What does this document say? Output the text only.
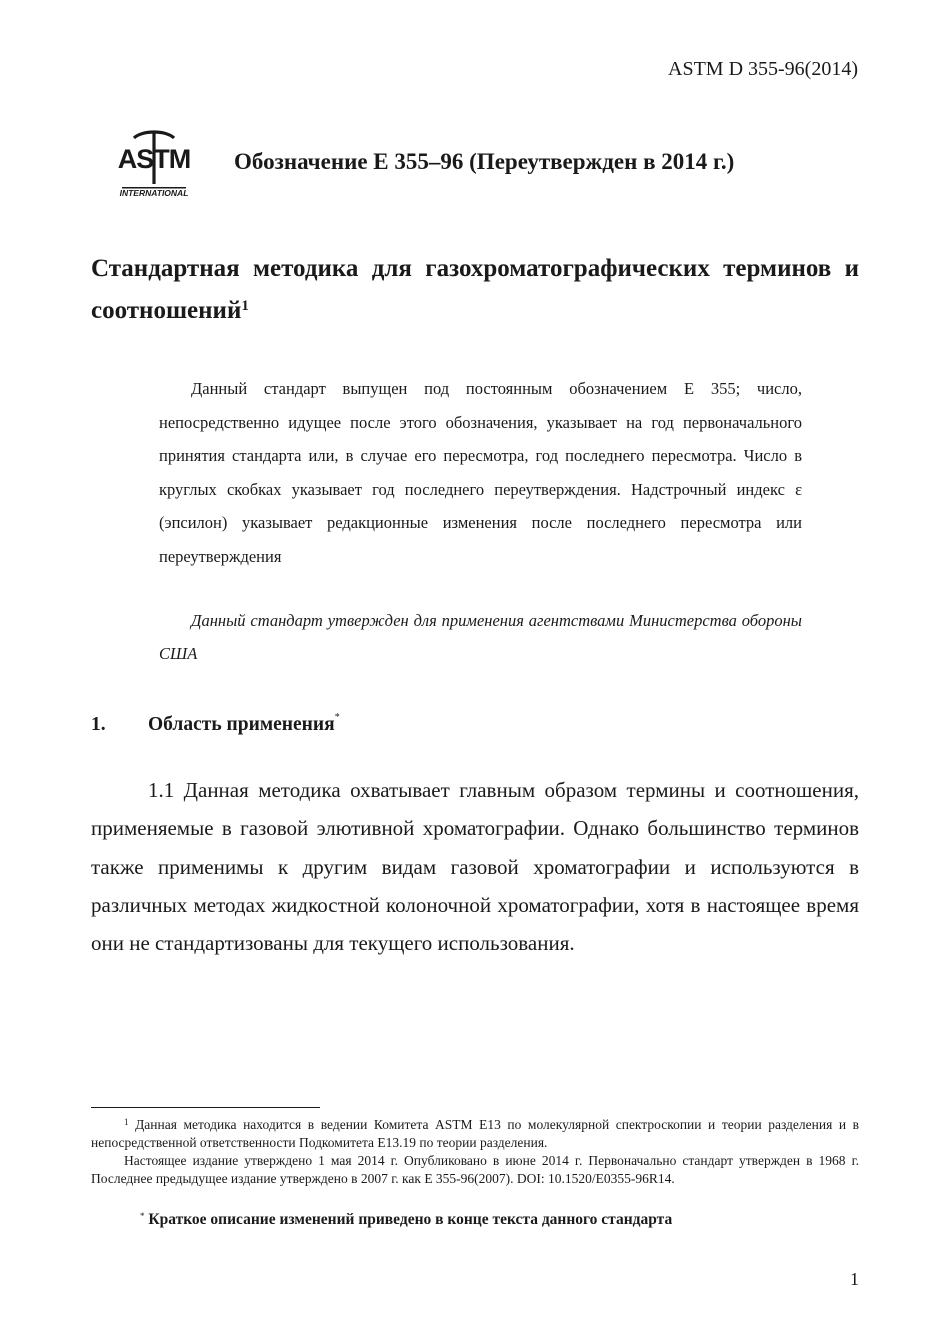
ASTM D 355-96(2014)
ASTM
INTERNATIONAL
Обозначение E 355–96 (Переутвержден в 2014 г.)
Стандартная методика для газохроматографических терминов и соотношений$^1$
Данный стандарт выпущен под постоянным обозначением E 355; число, непосредственно идущее после этого обозначения, указывает на год первоначального принятия стандарта или, в случае его пересмотра, год последнего пересмотра. Число в круглых скобках указывает год последнего переутверждения. Надстрочный индекс ε (эпсилон) указывает редакционные изменения после последнего пересмотра или переутверждения
Данный стандарт утвержден для применения агентствами Министерства обороны США
1. Область применения*
1.1 Данная методика охватывает главным образом термины и соотношения, применяемые в газовой элютивной хроматографии. Однако большинство терминов также применимы к другим видам газовой хроматографии и используются в различных методах жидкостной колоночной хроматографии, хотя в настоящее время они не стандартизованы для текущего использования.
$^1$ Данная методика находится в ведении Комитета ASTM E13 по молекулярной спектроскопии и теории разделения и в непосредственной ответственности Подкомитета E13.19 по теории разделения.
Настоящее издание утверждено 1 мая 2014 г. Опубликовано в июне 2014 г. Первоначально стандарт утвержден в 1968 г. Последнее предыдущее издание утверждено в 2007 г. как E 355-96(2007). DOI: 10.1520/E0355-96R14.
* Краткое описание изменений приведено в конце текста данного стандарта
1
